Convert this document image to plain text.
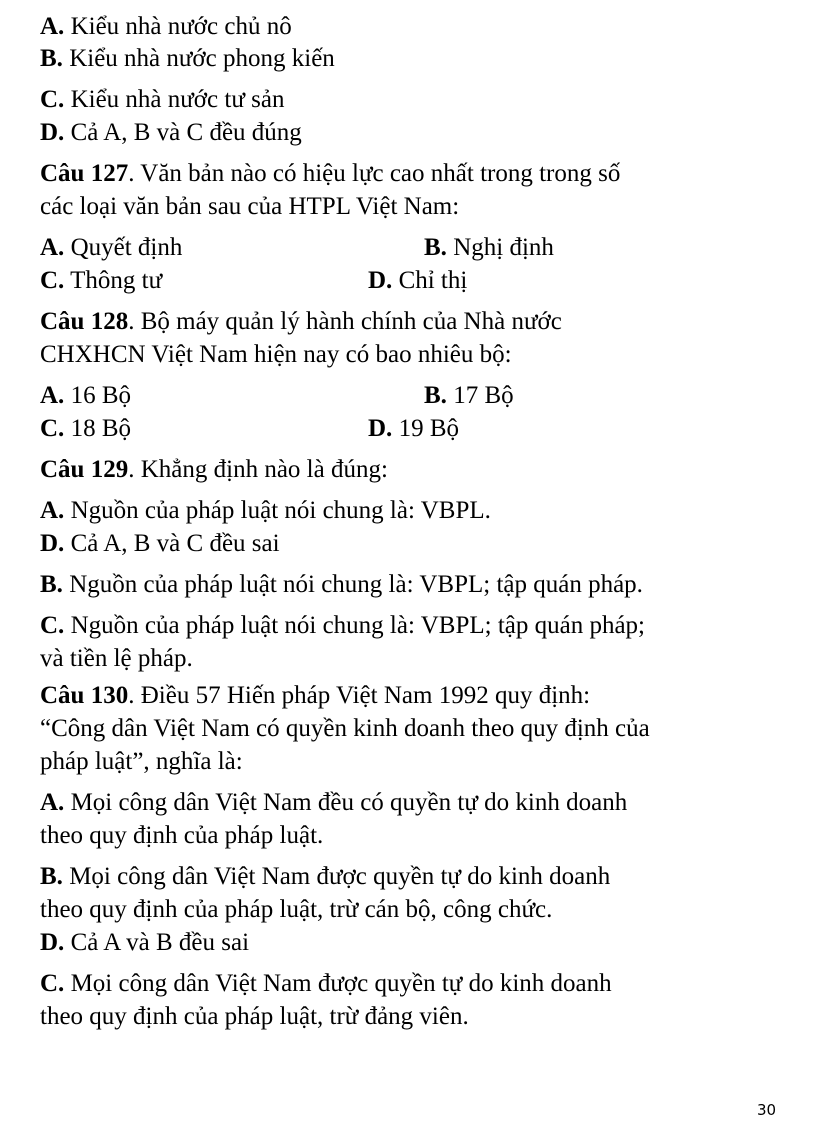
A. Kiểu nhà nước chủ nô
B. Kiểu nhà nước phong kiến
C. Kiểu nhà nước tư sản
D. Cả A, B và C đều đúng
Câu 127. Văn bản nào có hiệu lực cao nhất trong trong số
các loại văn bản sau của HTPL Việt Nam:
A. Quyết định	B. Nghị định
C. Thông tư	D. Chỉ thị
Câu 128. Bộ máy quản lý hành chính của Nhà nước
CHXHCN Việt Nam hiện nay có bao nhiêu bộ:
A. 16 Bộ	B. 17 Bộ
C. 18 Bộ	D. 19 Bộ
Câu 129. Khẳng định nào là đúng:
A. Nguồn của pháp luật nói chung là: VBPL.
D. Cả A, B và C đều sai
B. Nguồn của pháp luật nói chung là: VBPL; tập quán pháp.
C. Nguồn của pháp luật nói chung là: VBPL; tập quán pháp;
và tiền lệ pháp.
Câu 130. Điều 57 Hiến pháp Việt Nam 1992 quy định:
“Công dân Việt Nam có quyền kinh doanh theo quy định của
pháp luật”, nghĩa là:
A. Mọi công dân Việt Nam đều có quyền tự do kinh doanh
theo quy định của pháp luật.
B. Mọi công dân Việt Nam được quyền tự do kinh doanh
theo quy định của pháp luật, trừ cán bộ, công chức.
D. Cả A và B đều sai
C. Mọi công dân Việt Nam được quyền tự do kinh doanh
theo quy định của pháp luật, trừ đảng viên.
30
